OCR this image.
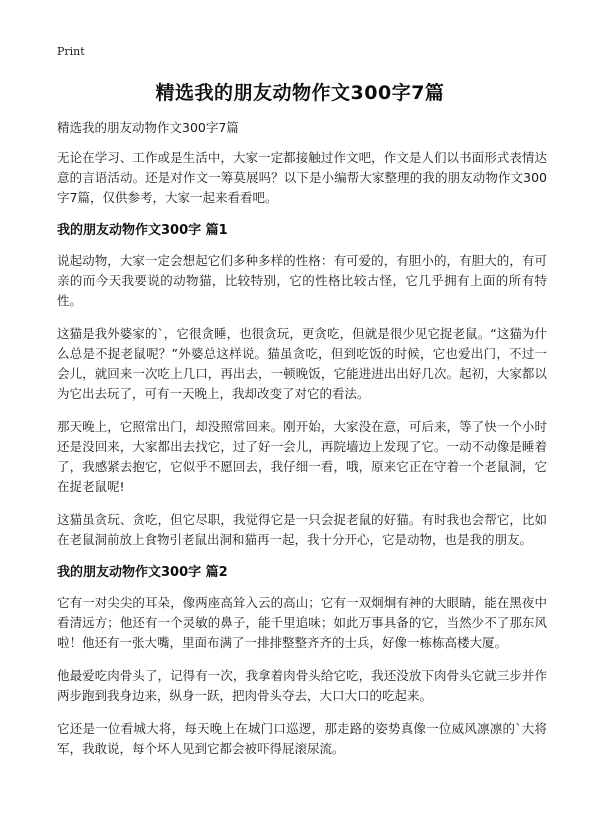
Print
精选我的朋友动物作文300字7篇
精选我的朋友动物作文300字7篇

无论在学习、工作或是生活中，大家一定都接触过作文吧，作文是人们以书面形式表情达意的言语活动。还是对作文一筹莫展吗？以下是小编帮大家整理的我的朋友动物作文300字7篇，仅供参考，大家一起来看看吧。

我的朋友动物作文300字 篇1

说起动物，大家一定会想起它们多种多样的性格：有可爱的，有胆小的，有胆大的，有可亲的而今天我要说的动物猫，比较特别，它的性格比较古怪，它几乎拥有上面的所有特性。

这猫是我外婆家的`，它很贪睡，也很贪玩，更贪吃，但就是很少见它捉老鼠。“这猫为什么总是不捉老鼠呢？”外婆总这样说。猫虽贪吃，但到吃饭的时候，它也爱出门，不过一会儿，就回来一次吃上几口，再出去，一顿晚饭，它能进进出出好几次。起初，大家都以为它出去玩了，可有一天晚上，我却改变了对它的看法。

那天晚上，它照常出门，却没照常回来。刚开始，大家没在意，可后来，等了快一个小时还是没回来，大家都出去找它，过了好一会儿，再院墙边上发现了它。一动不动像是睡着了，我感紧去抱它，它似乎不愿回去，我仔细一看，哦，原来它正在守着一个老鼠洞，它在捉老鼠呢!

这猫虽贪玩、贪吃，但它尽职，我觉得它是一只会捉老鼠的好猫。有时我也会帮它，比如在老鼠洞前放上食物引老鼠出洞和猫再一起，我十分开心，它是动物，也是我的朋友。

我的朋友动物作文300字 篇2

它有一对尖尖的耳朵，像两座高耸入云的高山；它有一双炯炯有神的大眼睛，能在黑夜中看清远方；他还有一个灵敏的鼻子，能千里追味；如此万事具备的它，当然少不了那东风啦！他还有一张大嘴，里面布满了一排排整整齐齐的士兵，好像一栋栋高楼大厦。

他最爱吃肉骨头了，记得有一次，我拿着肉骨头给它吃，我还没放下肉骨头它就三步并作两步跑到我身边来，纵身一跃，把肉骨头夺去，大口大口的吃起来。

它还是一位看城大将，每天晚上在城门口巡逻，那走路的姿势真像一位威风凛凛的`大将军，我敢说，每个坏人见到它都会被吓得屁滚尿流。
